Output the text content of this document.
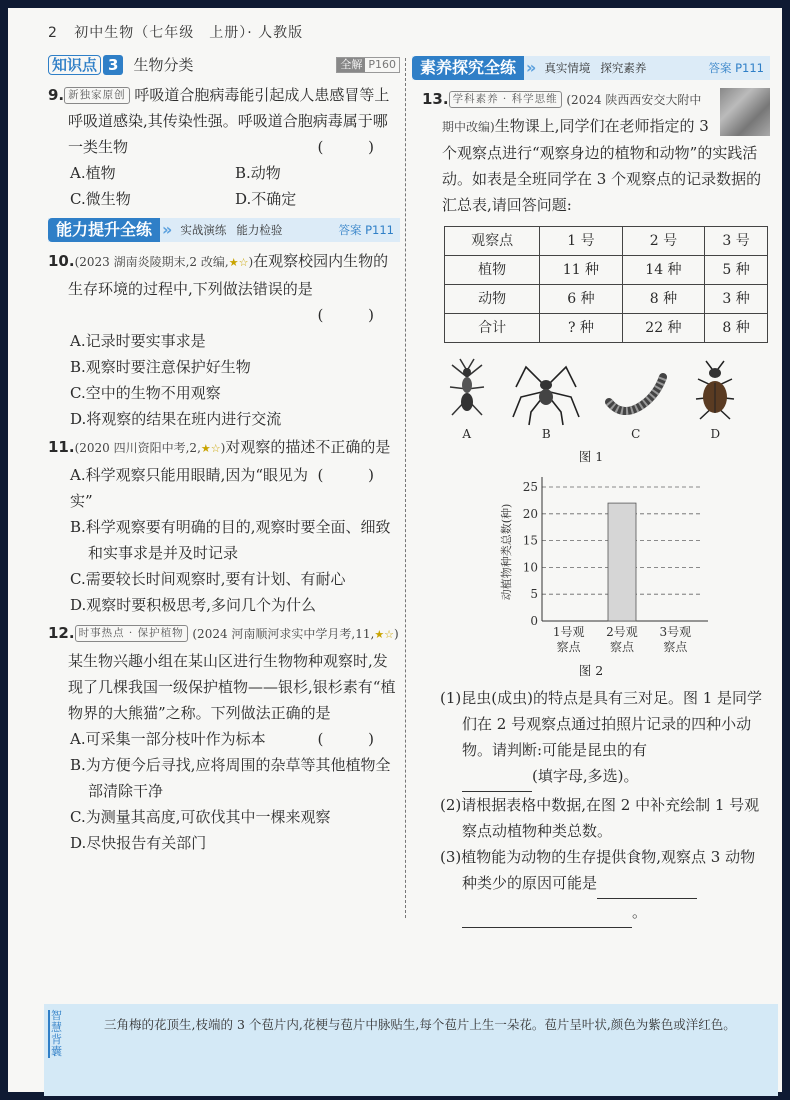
2 初中生物（七年级　上册）· 人教版
知识点 3	生物分类	全解 P160
9. 新独家原创 呼吸道合胞病毒能引起成人患感冒等上呼吸道感染,其传染性强。呼吸道合胞病毒属于哪一类生物	( )
A.植物	B.动物
C.微生物	D.不确定
能力提升全练 » 实战演练 能力检验	答案 P111
10.(2023 湖南炎陵期末,2 改编,★☆)在观察校园内生物的生存环境的过程中,下列做法错误的是
( )
A.记录时要实事求是
B.观察时要注意保护好生物
C.空中的生物不用观察
D.将观察的结果在班内进行交流
11.(2020 四川资阳中考,2,★☆)对观察的描述不正确的是
( )
A.科学观察只能用眼睛,因为“眼见为实”
B.科学观察要有明确的目的,观察时要全面、细致和实事求是并及时记录
C.需要较长时间观察时,要有计划、有耐心
D.观察时要积极思考,多问几个为什么
12. 时事热点 · 保护植物 (2024 河南顺河求实中学月考,11,★☆)某生物兴趣小组在某山区进行生物物种观察时,发现了几棵我国一级保护植物——银杉,银杉素有“植物界的大熊猫”之称。下列做法正确的是
( )
A.可采集一部分枝叶作为标本
B.为方便今后寻找,应将周围的杂草等其他植物全部清除干净
C.为测量其高度,可砍伐其中一棵来观察
D.尽快报告有关部门
素养探究全练 » 真实情境 探究素养	答案 P111
13. 学科素养 · 科学思维 (2024 陕西西安交大附中期中改编)生物课上,同学们在老师指定的 3 个观察点进行“观察身边的植物和动物”的实践活动。如表是全班同学在 3 个观察点的记录数据的汇总表,请回答问题:
观察点	1 号	2 号	3 号
植物	11 种	14 种	5 种
动物	6 种	8 种	3 种
合计	? 种	22 种	8 种
A	B	C	D
图 1
0
5
10
15
20
25
动植物种类总数(种)
1号观
察点
2号观
察点
3号观
察点
图 2
(1)昆虫(成虫)的特点是具有三对足。图 1 是同学们在 2 号观察点通过拍照片记录的四种小动物。请判断:可能是昆虫的有
(填字母,多选)。
(2)请根据表格中数据,在图 2 中补充绘制 1 号观察点动植物种类总数。
(3)植物能为动物的生存提供食物,观察点 3 动物种类少的原因可能是
。
智慧背囊
三角梅的花顶生,枝端的 3 个苞片内,花梗与苞片中脉贴生,每个苞片上生一朵花。苞片呈叶状,颜色为紫色或洋红色。
